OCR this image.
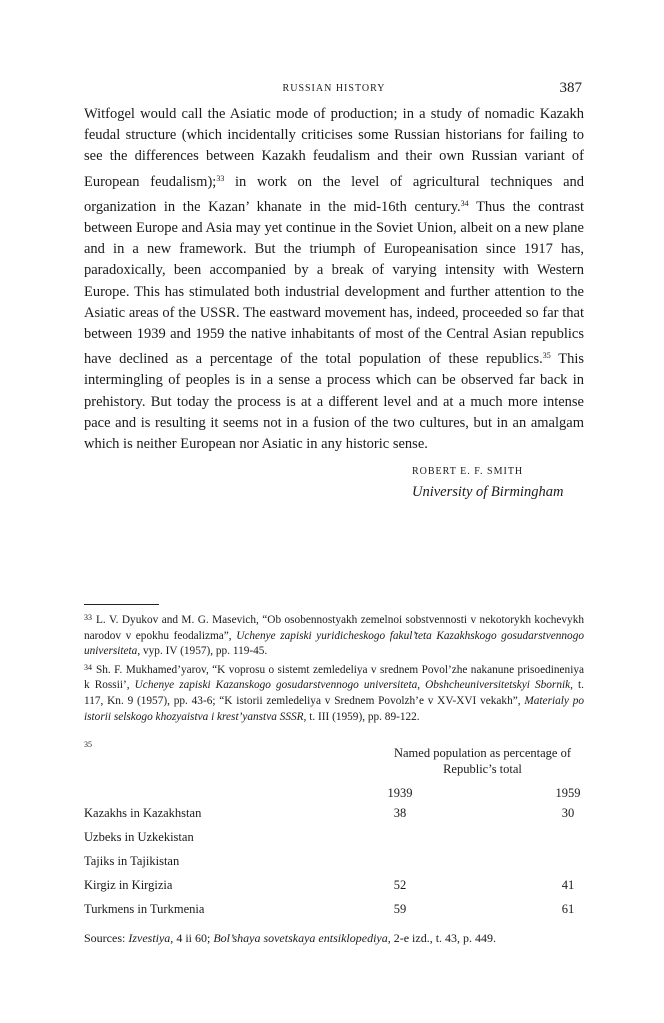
RUSSIAN HISTORY	387

Witfogel would call the Asiatic mode of production; in a study of nomadic Kazakh feudal structure (which incidentally criticises some Russian historians for failing to see the differences between Kazakh feudalism and their own Russian variant of European feudalism);$^{33}$ in work on the level of agricultural techniques and organization in the Kazan’ khanate in the mid-16th century.$^{34}$ Thus the contrast between Europe and Asia may yet continue in the Soviet Union, albeit on a new plane and in a new framework. But the triumph of Europeanisation since 1917 has, paradoxically, been accompanied by a break of varying intensity with Western Europe. This has stimulated both industrial development and further attention to the Asiatic areas of the USSR. The eastward movement has, indeed, proceeded so far that between 1939 and 1959 the native inhabitants of most of the Central Asian republics have declined as a percentage of the total population of these republics.$^{35}$ This intermingling of peoples is in a sense a process which can be observed far back in prehistory. But today the process is at a different level and at a much more intense pace and is resulting it seems not in a fusion of the two cultures, but in an amalgam which is neither European nor Asiatic in any historic sense.

ROBERT E. F. SMITH
University of Birmingham

$^{33}$ L. V. Dyukov and M. G. Masevich, “Ob osobennostyakh zemelnoi sobstvennosti v nekotorykh kochevykh narodov v epokhu feodalizma”, Uchenye zapiski yuridicheskogo fakul’teta Kazakhskogo gosudarstvennogo universiteta, vyp. IV (1957), pp. 119-45.

$^{34}$ Sh. F. Mukhamed’yarov, “K voprosu o sistemt zemledeliya v srednem Povol’zhe nakanune prisoedineniya k Rossii’, Uchenye zapiski Kazanskogo gosudarstvennogo universiteta, Obshcheuniversitetskyi Sbornik, t. 117, Kn. 9 (1957), pp. 43-6; “K istorii zemledeliya v Srednem Povolzh’e v XV-XVI vekakh”, Materialy po istorii selskogo khozyaistva i krest’yanstva SSSR, t. III (1959), pp. 89-122.

35
Named population as percentage of Republic’s total
1939	1959
Kazakhs in Kazakhstan	38	30
Uzbeks in Uzkekistan
Tajiks in Tajikistan
Kirgiz in Kirgizia	52	41
Turkmens in Turkmenia	59	61
Sources: Izvestiya, 4 ii 60; Bol’shaya sovetskaya entsiklopediya, 2-e izd., t. 43, p. 449.
